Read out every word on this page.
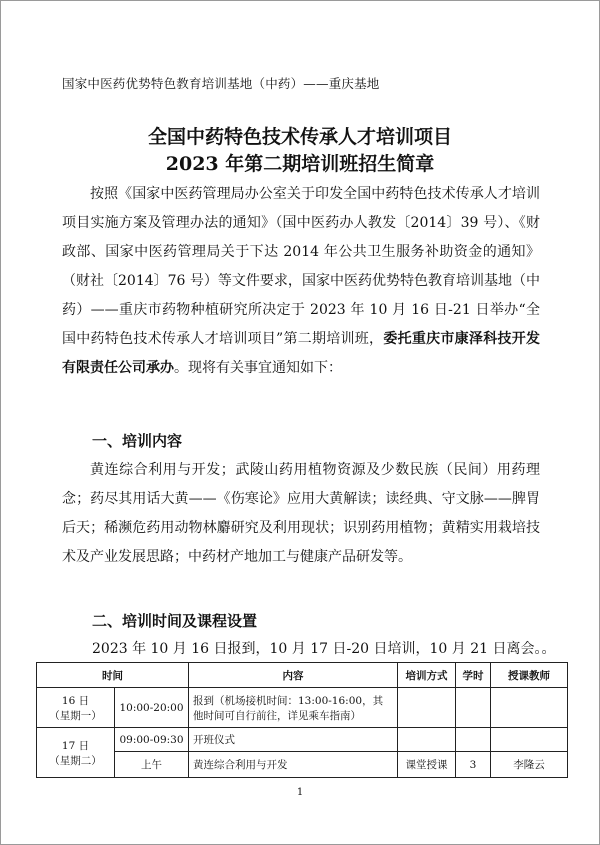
国家中医药优势特色教育培训基地（中药）——重庆基地
全国中药特色技术传承人才培训项目
2023 年第二期培训班招生简章
按照《国家中医药管理局办公室关于印发全国中药特色技术传承人才培训项目实施方案及管理办法的通知》（国中医药办人教发〔2014〕39 号）、《财政部、国家中医药管理局关于下达 2014 年公共卫生服务补助资金的通知》（财社〔2014〕76 号）等文件要求，国家中医药优势特色教育培训基地（中药）——重庆市药物种植研究所决定于 2023 年 10 月 16 日-21 日举办“全国中药特色技术传承人才培训项目”第二期培训班，委托重庆市康泽科技开发有限责任公司承办。现将有关事宜通知如下：
一、培训内容
黄连综合利用与开发；武陵山药用植物资源及少数民族（民间）用药理念；药尽其用话大黄——《伤寒论》应用大黄解读；读经典、守文脉——脾胃后天；稀濒危药用动物林麝研究及利用现状；识别药用植物；黄精实用栽培技术及产业发展思路；中药材产地加工与健康产品研发等。
二、培训时间及课程设置
2023 年 10 月 16 日报到，10 月 17 日-20 日培训，10 月 21 日离会。。
时间		内容	培训方式	学时	授课教师
16 日
（星期一）	10:00-20:00	报到（机场接机时间：13:00-16:00，其他时间可自行前往，详见乘车指南）			
17 日
（星期二）	09:00-09:30	开班仪式			
	上午	黄连综合利用与开发	课堂授课	3	李隆云
1
